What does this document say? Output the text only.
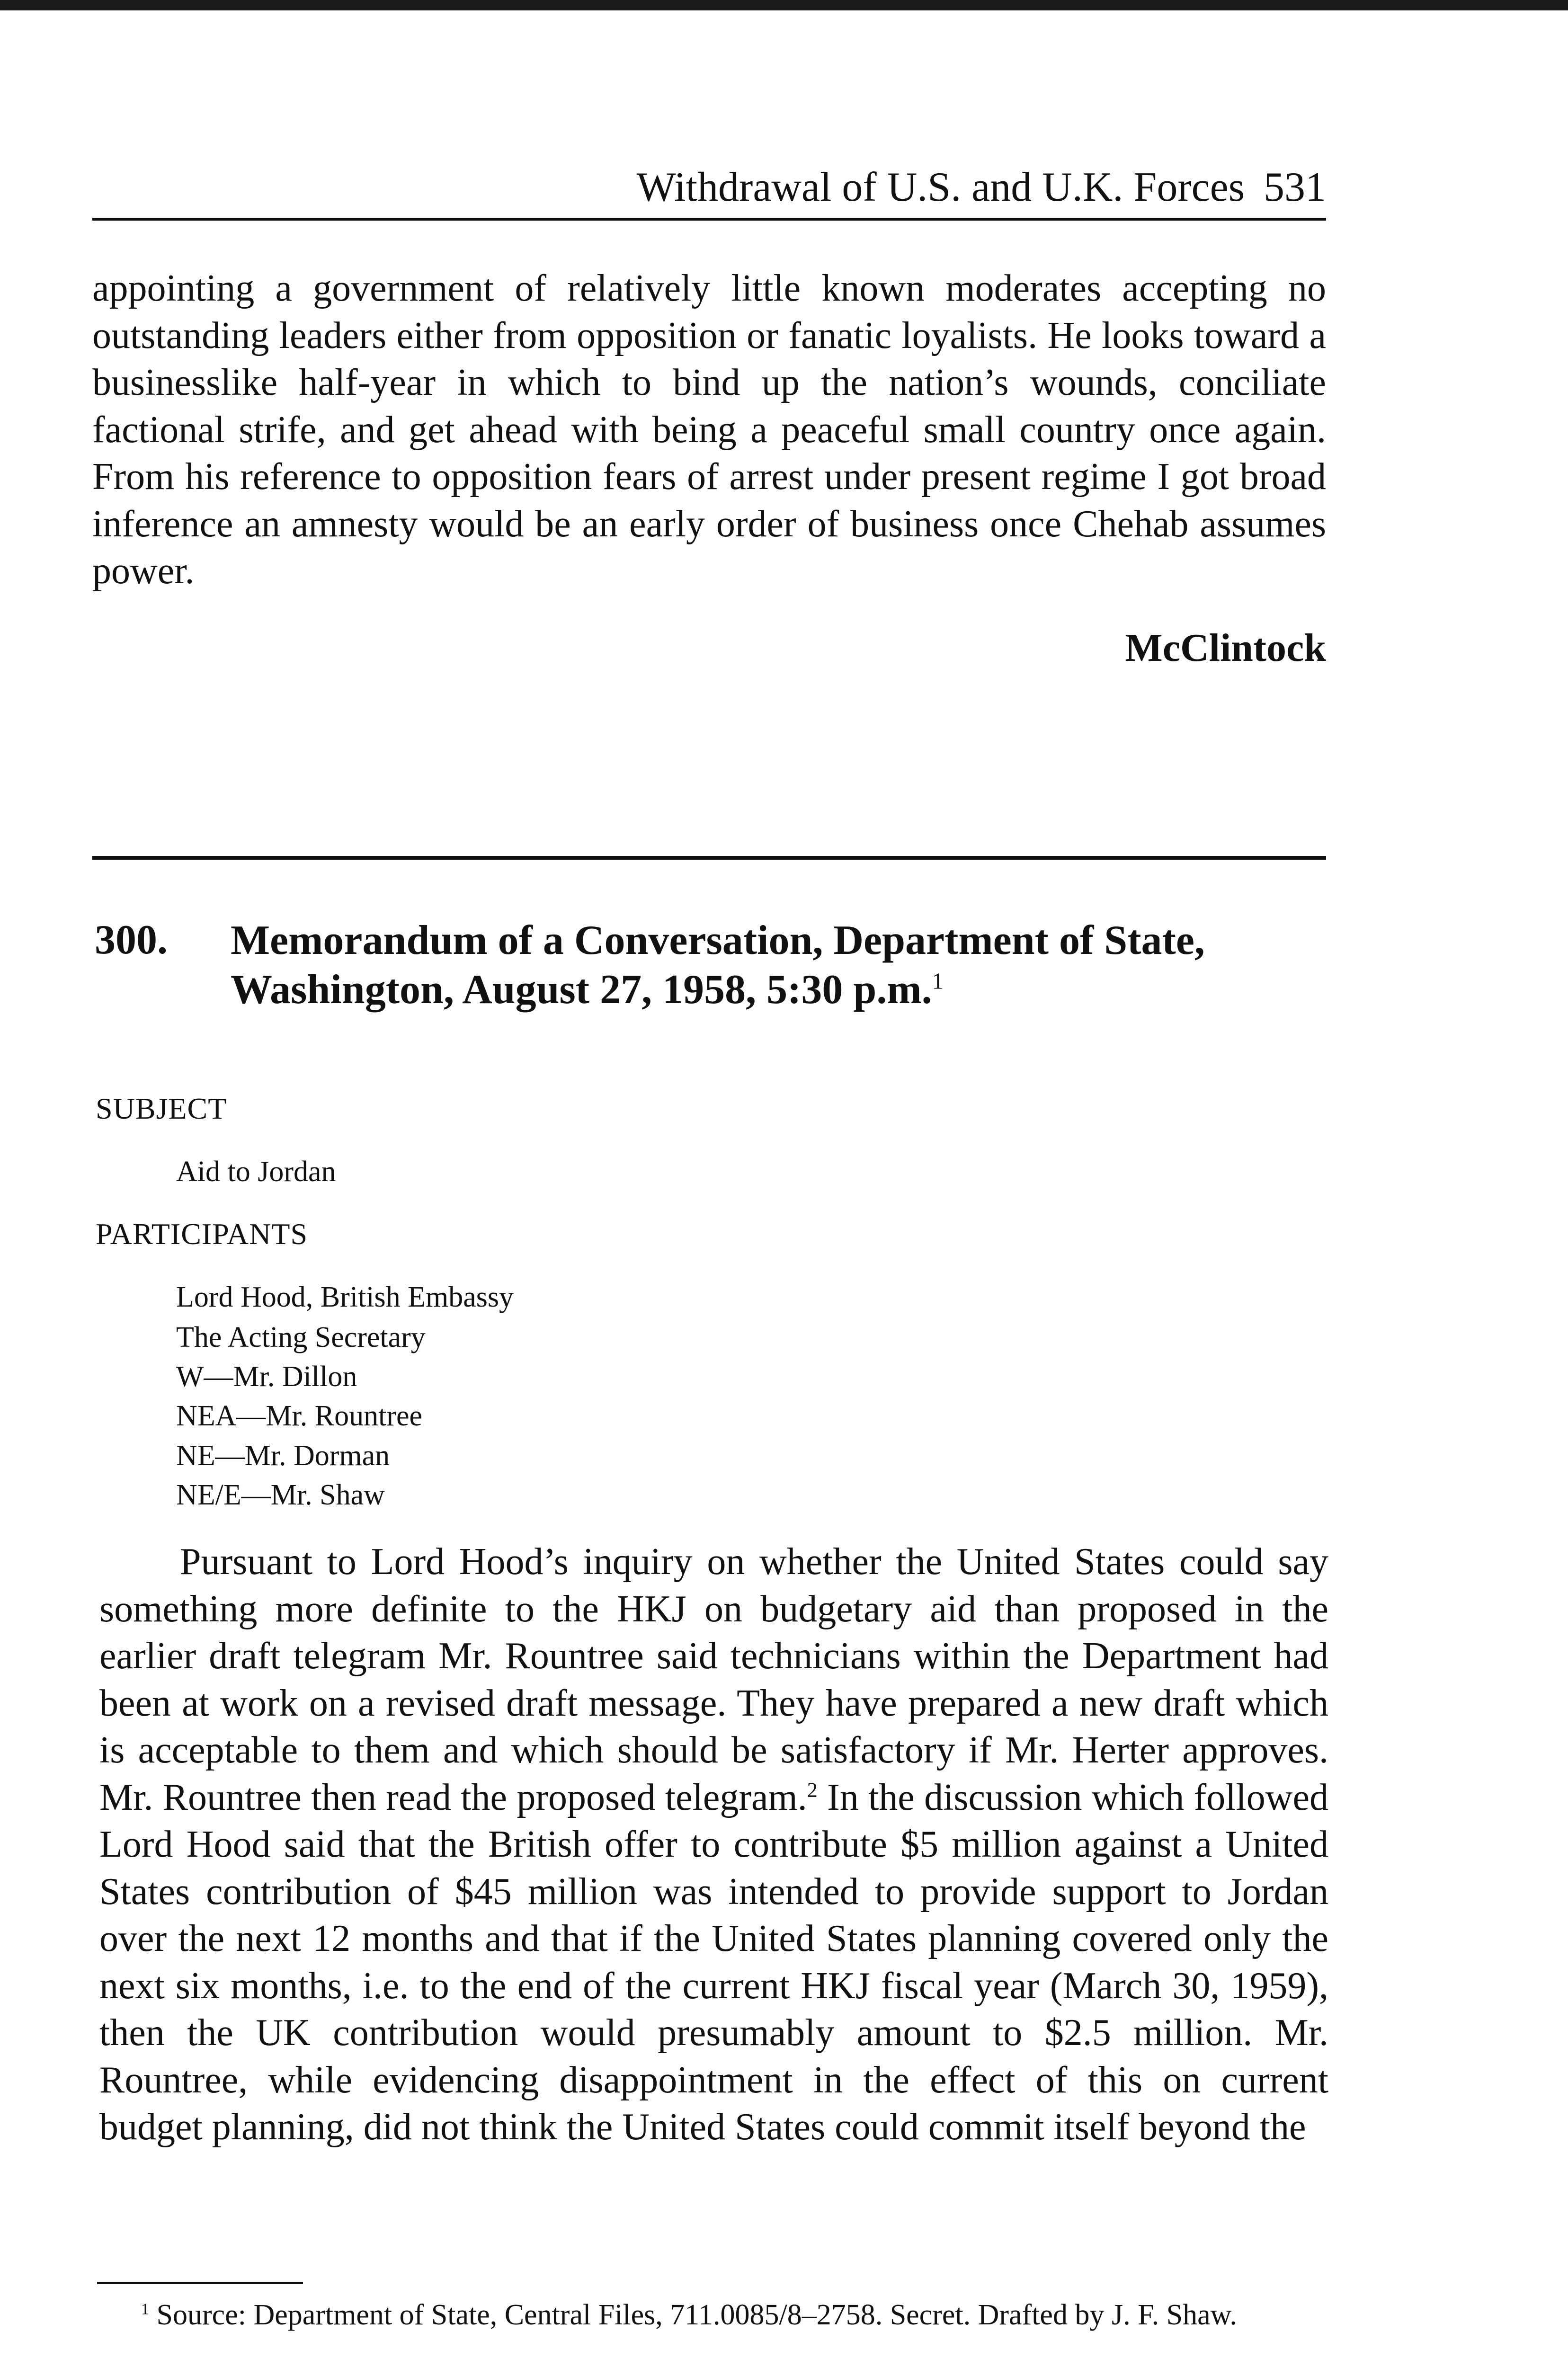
Withdrawal of U.S. and U.K. Forces 531

appointing a government of relatively little known moderates accepting no outstanding leaders either from opposition or fanatic loyalists. He looks toward a businesslike half-year in which to bind up the nation’s wounds, conciliate factional strife, and get ahead with being a peaceful small country once again. From his reference to opposition fears of arrest under present regime I got broad inference an amnesty would be an early order of business once Chehab assumes power.

McClintock
300. Memorandum of a Conversation, Department of State, Washington, August 27, 1958, 5:30 p.m.$^1$
SUBJECT
Aid to Jordan
PARTICIPANTS
Lord Hood, British Embassy
The Acting Secretary
W—Mr. Dillon
NEA—Mr. Rountree
NE—Mr. Dorman
NE/E—Mr. Shaw

Pursuant to Lord Hood’s inquiry on whether the United States could say something more definite to the HKJ on budgetary aid than proposed in the earlier draft telegram Mr. Rountree said technicians within the Department had been at work on a revised draft message. They have prepared a new draft which is acceptable to them and which should be satisfactory if Mr. Herter approves. Mr. Rountree then read the proposed telegram.$^2$ In the discussion which followed Lord Hood said that the British offer to contribute $5 million against a United States contribution of $45 million was intended to provide support to Jordan over the next 12 months and that if the United States planning covered only the next six months, i.e. to the end of the current HKJ fiscal year (March 30, 1959), then the UK contribution would presumably amount to $2.5 million. Mr. Rountree, while evidencing disappointment in the effect of this on current budget planning, did not think the United States could commit itself beyond the

$^1$ Source: Department of State, Central Files, 711.0085/8–2758. Secret. Drafted by J. F. Shaw.
